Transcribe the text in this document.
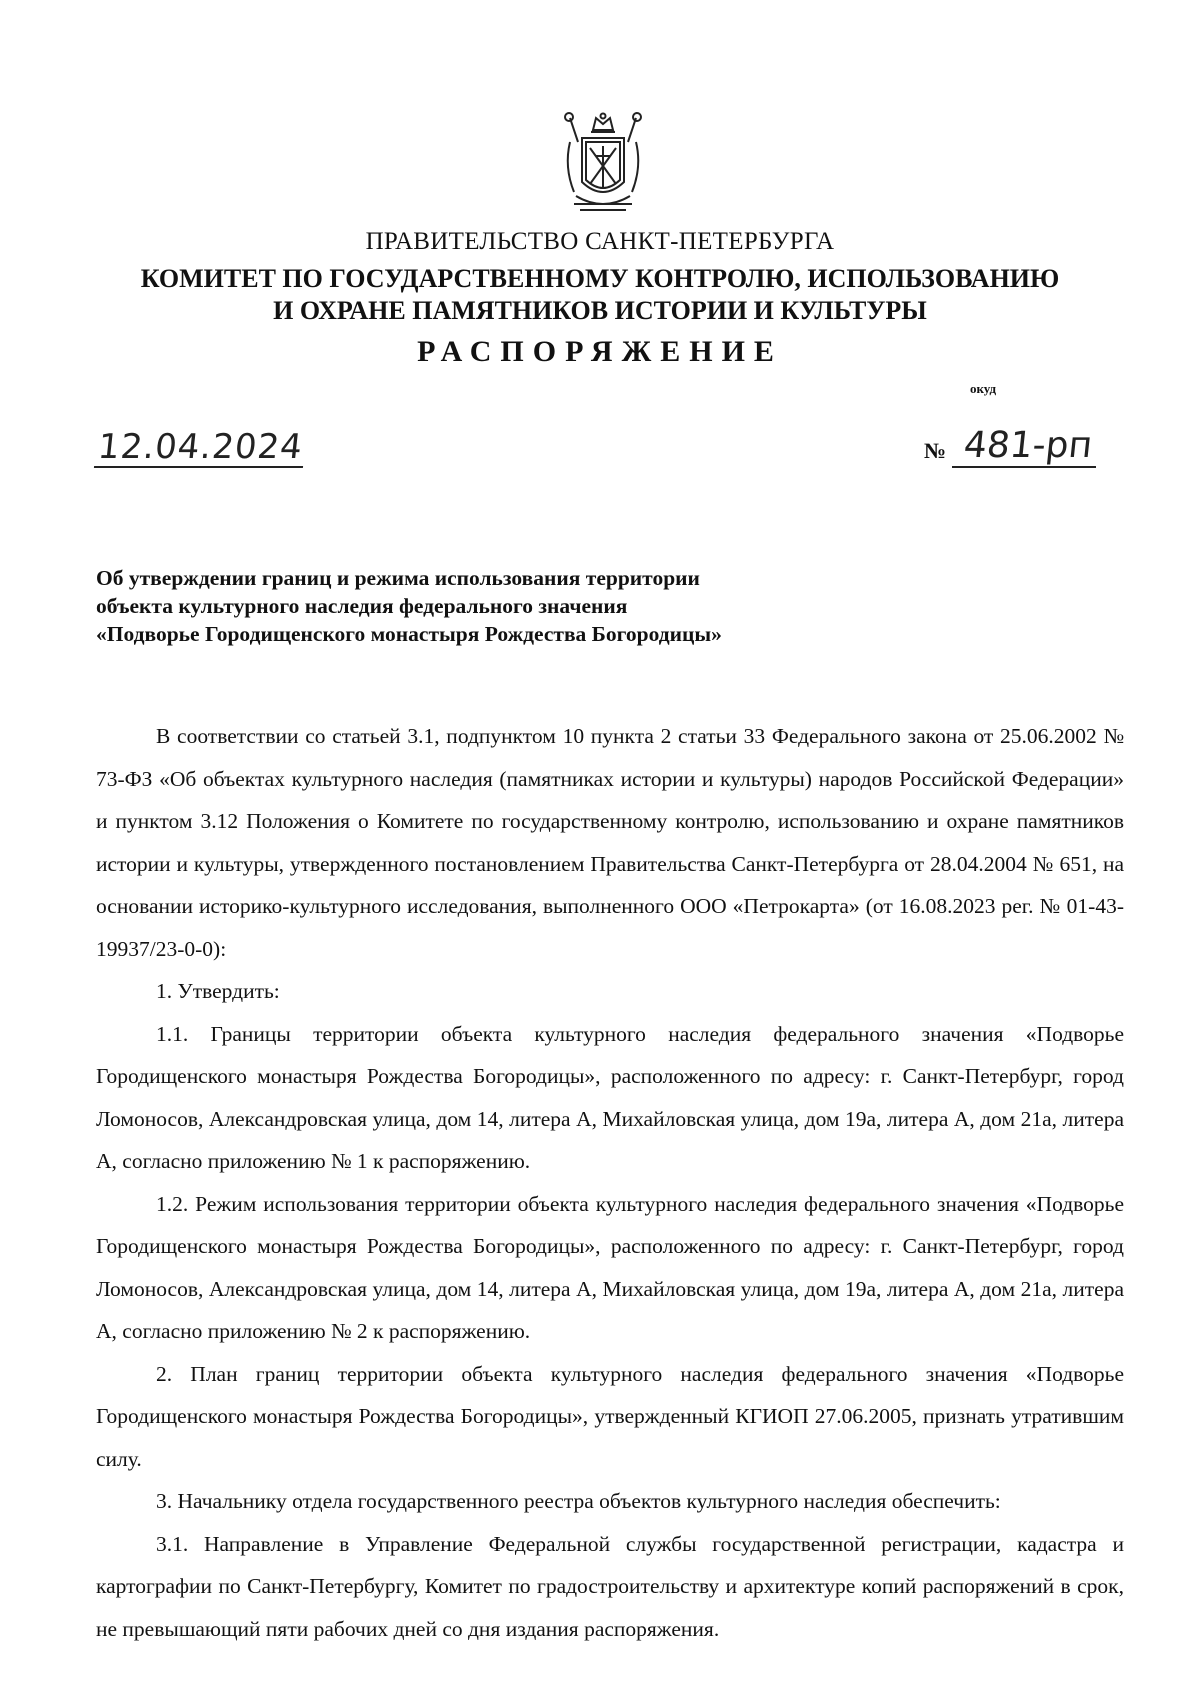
ПРАВИТЕЛЬСТВО САНКТ-ПЕТЕРБУРГА
КОМИТЕТ ПО ГОСУДАРСТВЕННОМУ КОНТРОЛЮ, ИСПОЛЬЗОВАНИЮ
И ОХРАНЕ ПАМЯТНИКОВ ИСТОРИИ И КУЛЬТУРЫ
РАСПОРЯЖЕНИЕ
окуд
12.04.2024	№ 481-рп
Об утверждении границ и режима использования территории
объекта культурного наследия федерального значения
«Подворье Городищенского монастыря Рождества Богородицы»

В соответствии со статьей 3.1, подпунктом 10 пункта 2 статьи 33 Федерального закона от 25.06.2002 № 73-ФЗ «Об объектах культурного наследия (памятниках истории и культуры) народов Российской Федерации» и пунктом 3.12 Положения о Комитете по государственному контролю, использованию и охране памятников истории и культуры, утвержденного постановлением Правительства Санкт-Петербурга от 28.04.2004 № 651, на основании историко-культурного исследования, выполненного ООО «Петрокарта» (от 16.08.2023 рег. № 01-43-19937/23-0-0):

1. Утвердить:

1.1. Границы территории объекта культурного наследия федерального значения «Подворье Городищенского монастыря Рождества Богородицы», расположенного по адресу: г. Санкт-Петербург, город Ломоносов, Александровская улица, дом 14, литера А, Михайловская улица, дом 19а, литера А, дом 21а, литера А, согласно приложению № 1 к распоряжению.

1.2. Режим использования территории объекта культурного наследия федерального значения «Подворье Городищенского монастыря Рождества Богородицы», расположенного по адресу: г. Санкт-Петербург, город Ломоносов, Александровская улица, дом 14, литера А, Михайловская улица, дом 19а, литера А, дом 21а, литера А, согласно приложению № 2 к распоряжению.

2. План границ территории объекта культурного наследия федерального значения «Подворье Городищенского монастыря Рождества Богородицы», утвержденный КГИОП 27.06.2005, признать утратившим силу.

3. Начальнику отдела государственного реестра объектов культурного наследия обеспечить:

3.1. Направление в Управление Федеральной службы государственной регистрации, кадастра и картографии по Санкт-Петербургу, Комитет по градостроительству и архитектуре копий распоряжений в срок, не превышающий пяти рабочих дней со дня издания распоряжения.
